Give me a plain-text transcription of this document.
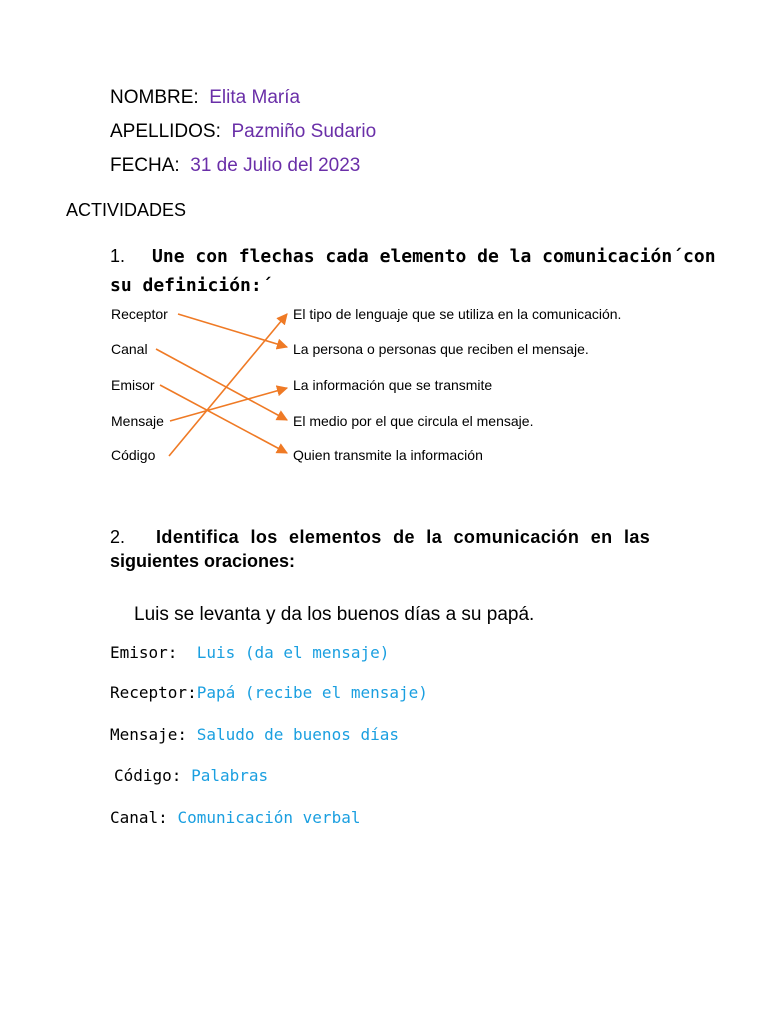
NOMBRE: Elita María
APELLIDOS: Pazmiño Sudario
FECHA: 31 de Julio del 2023
ACTIVIDADES
1. Une con flechas cada elemento de la comunicación´con
su definición:´
Receptor
Canal
Emisor
Mensaje
Código
El tipo de lenguaje que se utiliza en la comunicación.
La persona o personas que reciben el mensaje.
La información que se transmite
El medio por el que circula el mensaje.
Quien transmite la información
2. Identifica los elementos de la comunicación en las
siguientes oraciones:
Luis se levanta y da los buenos días a su papá.
Emisor: Luis (da el mensaje)
Receptor:Papá (recibe el mensaje)
Mensaje: Saludo de buenos días
Código: Palabras
Canal: Comunicación verbal
